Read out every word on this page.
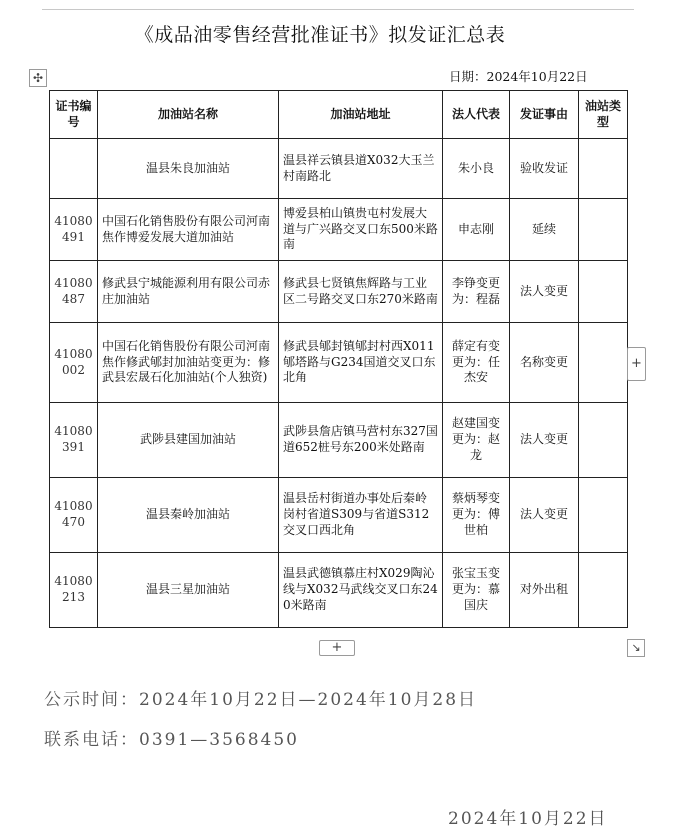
《成品油零售经营批准证书》拟发证汇总表
✣	日期：2024年10月22日
证书编号	加油站名称	加油站地址	法人代表	发证事由	油站类型
	温县朱良加油站	温县祥云镇县道X032大玉兰村南路北	朱小良	验收发证	
41080491	中国石化销售股份有限公司河南焦作博爱发展大道加油站	博爱县柏山镇贵屯村发展大道与广兴路交叉口东500米路南	申志刚	延续	
41080487	修武县宁城能源利用有限公司赤庄加油站	修武县七贤镇焦辉路与工业区二号路交叉口东270米路南	李铮变更为：程磊	法人变更	
41080002	中国石化销售股份有限公司河南焦作修武郇封加油站变更为：修武县宏晟石化加油站(个人独资)	修武县郇封镇郇封村西X011郇塔路与G234国道交叉口东北角	薛定有变更为：任杰安	名称变更	
41080391	武陟县建国加油站	武陟县詹店镇马营村东327国道652桩号东200米处路南	赵建国变更为：赵龙	法人变更	
41080470	温县秦岭加油站	温县岳村街道办事处后秦岭岗村省道S309与省道S312交叉口西北角	蔡炳琴变更为：傅世柏	法人变更	
41080213	温县三星加油站	温县武德镇慕庄村X029陶沁线与X032马武线交叉口东240米路南	张宝玉变更为：慕国庆	对外出租	
+
+	↘
公示时间：2024年10月22日—2024年10月28日
联系电话：0391—3568450
2024年10月22日
